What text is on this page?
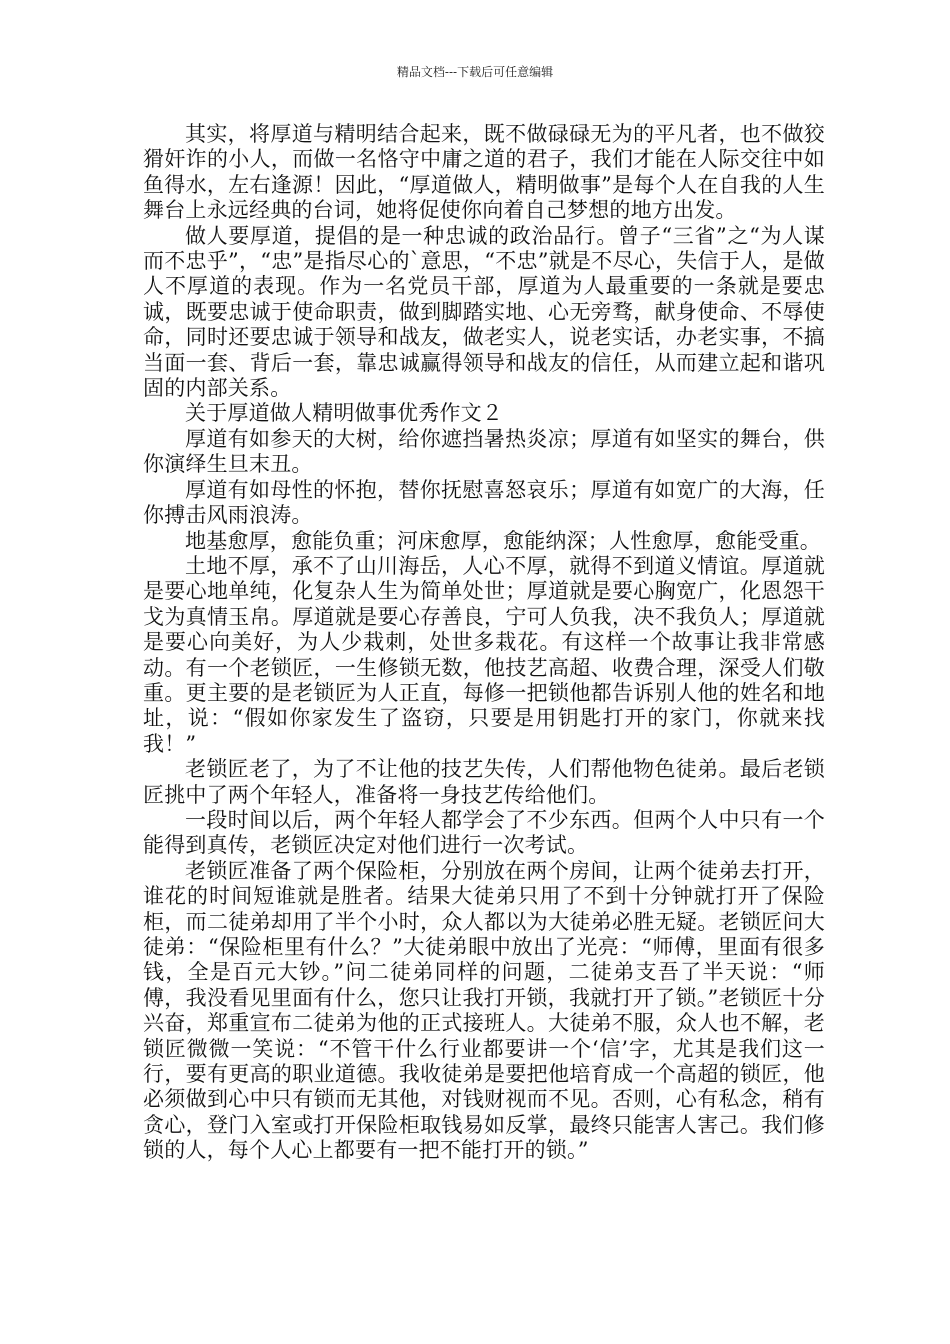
精品文档---下载后可任意编辑

其实，将厚道与精明结合起来，既不做碌碌无为的平凡者，也不做狡猾奸诈的小人，而做一名恪守中庸之道的君子，我们才能在人际交往中如鱼得水，左右逢源！因此，“厚道做人，精明做事”是每个人在自我的人生舞台上永远经典的台词，她将促使你向着自己梦想的地方出发。

做人要厚道，提倡的是一种忠诚的政治品行。曾子“三省”之“为人谋而不忠乎”，“忠”是指尽心的`意思，“不忠”就是不尽心，失信于人，是做人不厚道的表现。作为一名党员干部，厚道为人最重要的一条就是要忠诚，既要忠诚于使命职责，做到脚踏实地、心无旁骛，献身使命、不辱使命，同时还要忠诚于领导和战友，做老实人，说老实话，办老实事，不搞当面一套、背后一套，靠忠诚赢得领导和战友的信任，从而建立起和谐巩固的内部关系。

关于厚道做人精明做事优秀作文２

厚道有如参天的大树，给你遮挡暑热炎凉；厚道有如坚实的舞台，供你演绎生旦末丑。

厚道有如母性的怀抱，替你抚慰喜怒哀乐；厚道有如宽广的大海，任你搏击风雨浪涛。

地基愈厚，愈能负重；河床愈厚，愈能纳深；人性愈厚，愈能受重。

土地不厚，承不了山川海岳，人心不厚，就得不到道义情谊。厚道就是要心地单纯，化复杂人生为简单处世；厚道就是要心胸宽广，化恩怨干戈为真情玉帛。厚道就是要心存善良，宁可人负我，决不我负人；厚道就是要心向美好，为人少栽刺，处世多栽花。有这样一个故事让我非常感动。有一个老锁匠，一生修锁无数，他技艺高超、收费合理，深受人们敬重。更主要的是老锁匠为人正直，每修一把锁他都告诉别人他的姓名和地址，说：“假如你家发生了盗窃，只要是用钥匙打开的家门，你就来找我！”

老锁匠老了，为了不让他的技艺失传，人们帮他物色徒弟。最后老锁匠挑中了两个年轻人，准备将一身技艺传给他们。

一段时间以后，两个年轻人都学会了不少东西。但两个人中只有一个能得到真传，老锁匠决定对他们进行一次考试。

老锁匠准备了两个保险柜，分别放在两个房间，让两个徒弟去打开，谁花的时间短谁就是胜者。结果大徒弟只用了不到十分钟就打开了保险柜，而二徒弟却用了半个小时，众人都以为大徒弟必胜无疑。老锁匠问大徒弟：“保险柜里有什么？”大徒弟眼中放出了光亮：“师傅，里面有很多钱，全是百元大钞。”问二徒弟同样的问题，二徒弟支吾了半天说：“师傅，我没看见里面有什么，您只让我打开锁，我就打开了锁。”老锁匠十分兴奋，郑重宣布二徒弟为他的正式接班人。大徒弟不服，众人也不解，老锁匠微微一笑说：“不管干什么行业都要讲一个‘信’字，尤其是我们这一行，要有更高的职业道德。我收徒弟是要把他培育成一个高超的锁匠，他必须做到心中只有锁而无其他，对钱财视而不见。否则，心有私念，稍有贪心，登门入室或打开保险柜取钱易如反掌，最终只能害人害己。我们修锁的人，每个人心上都要有一把不能打开的锁。”
